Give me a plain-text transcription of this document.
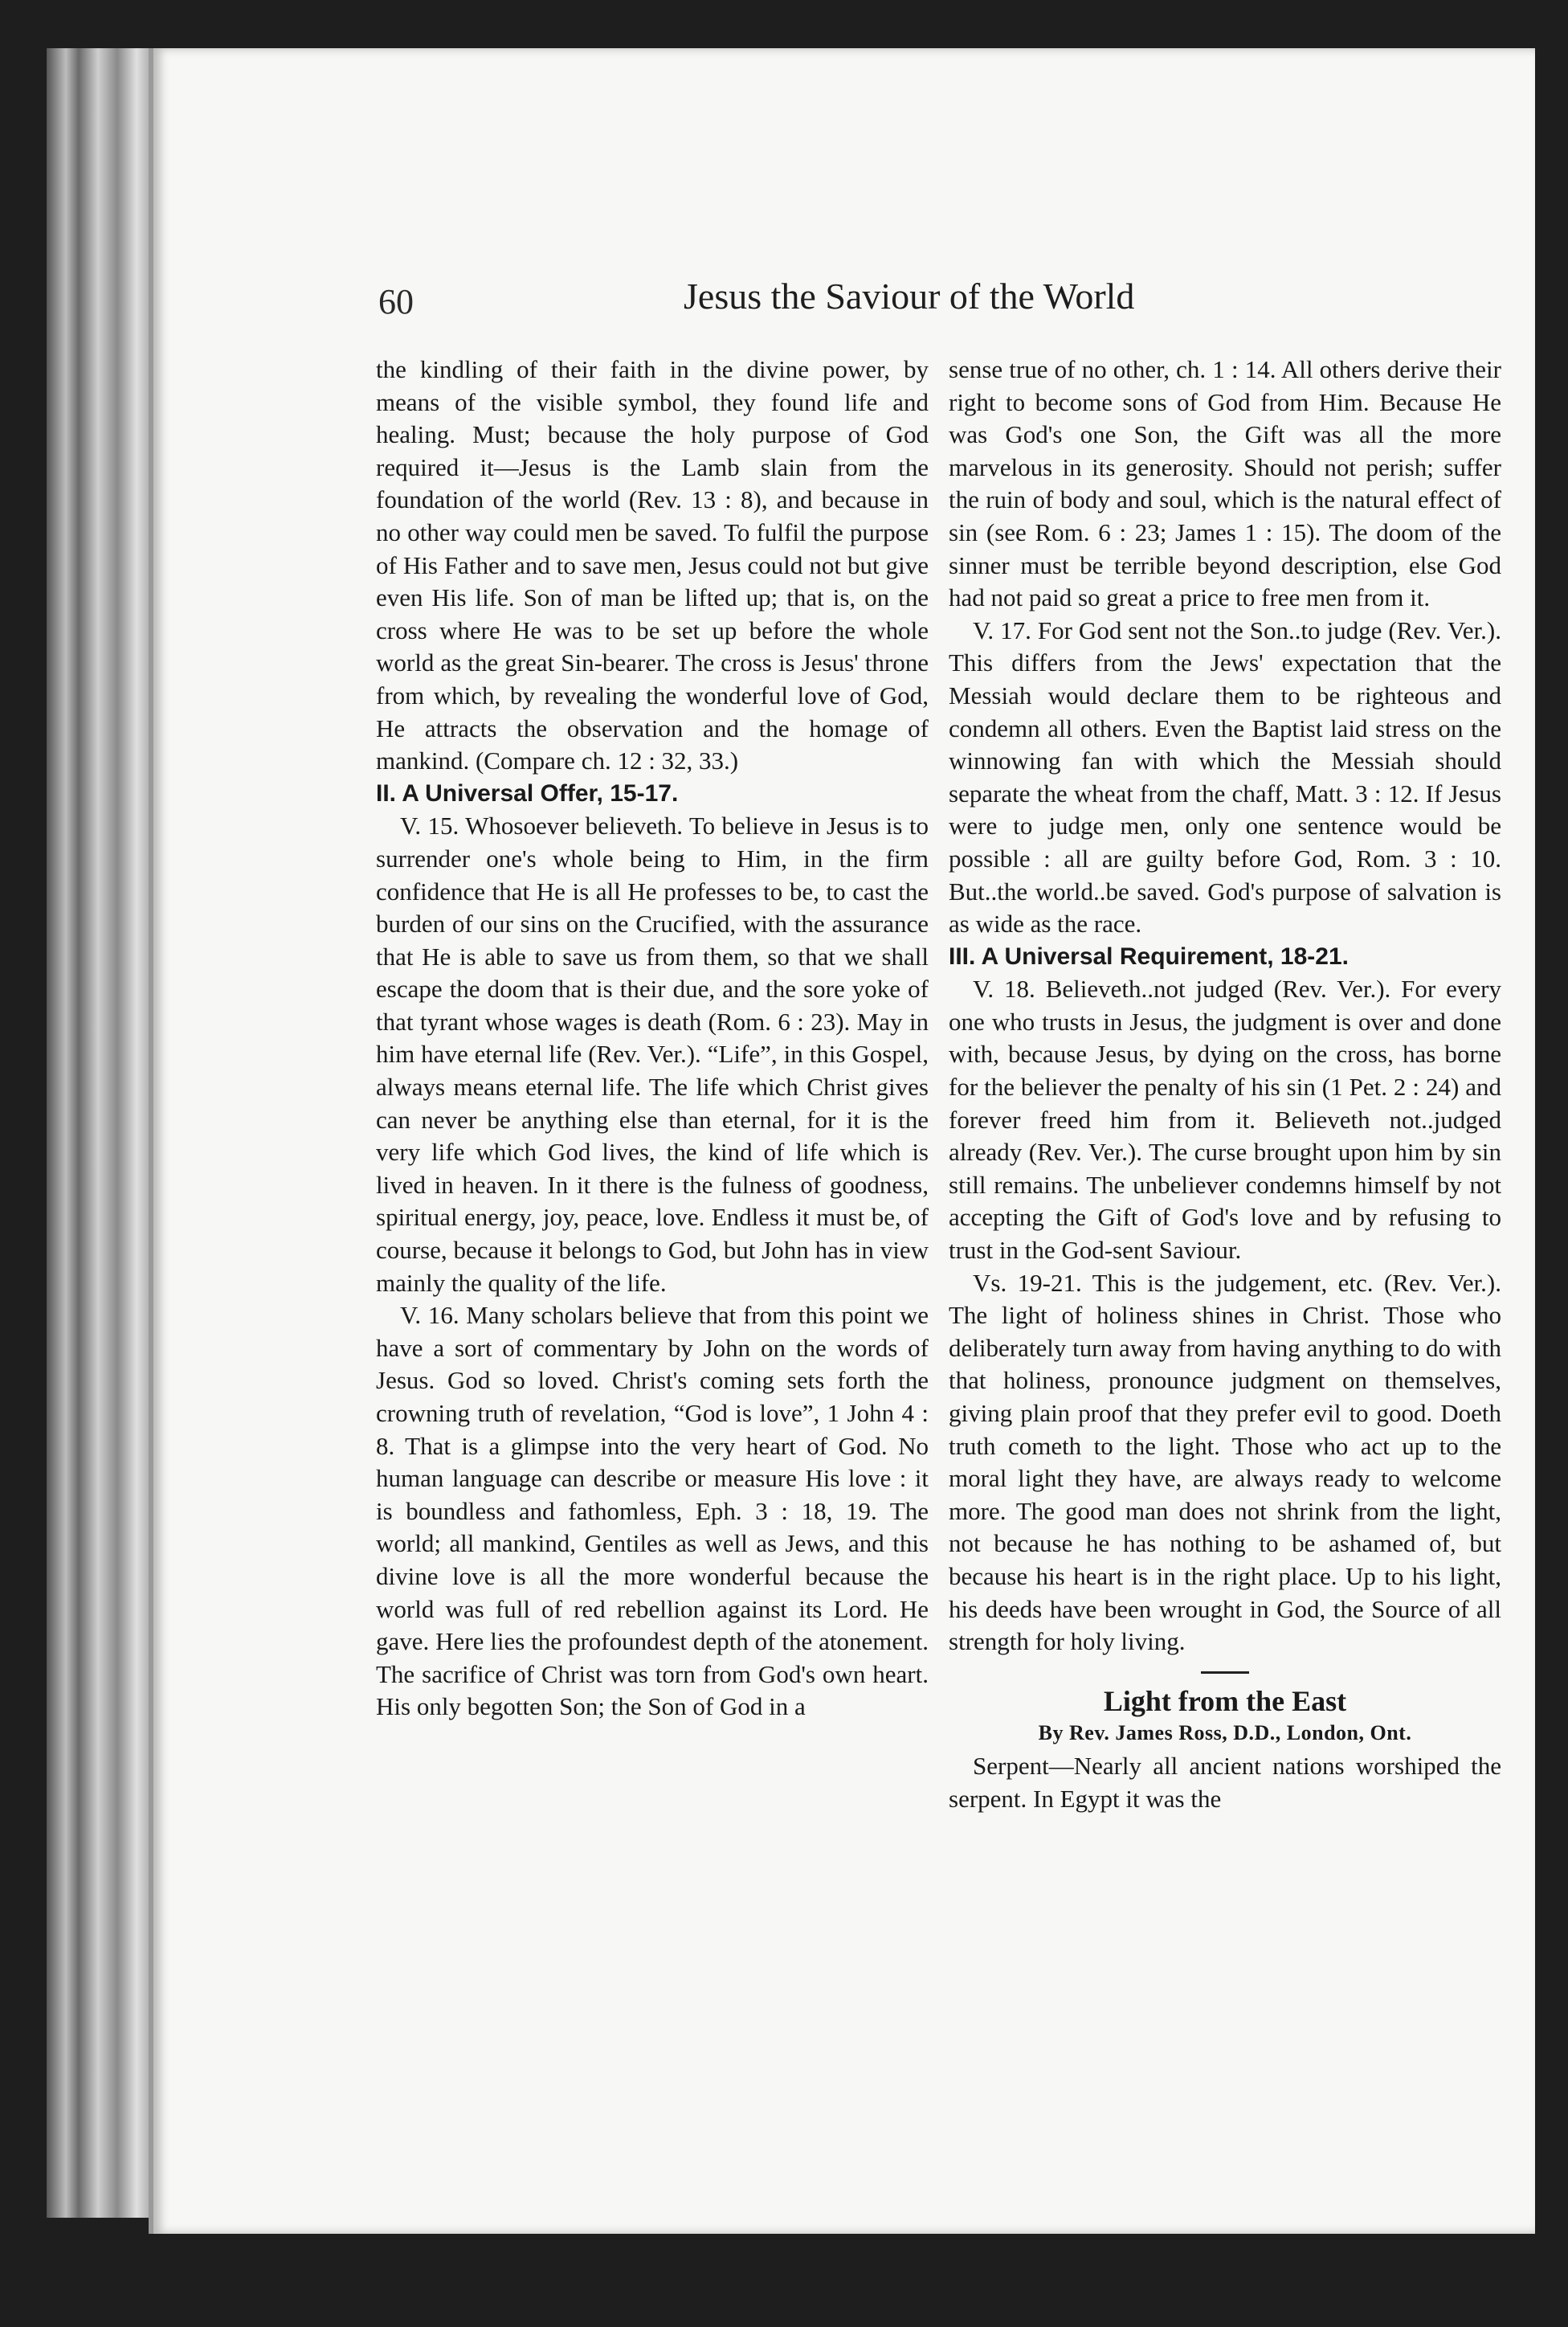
60	Jesus the Saviour of the World

the kindling of their faith in the divine power, by means of the visible symbol, they found life and healing. Must; because the holy purpose of God required it—Jesus is the Lamb slain from the foundation of the world (Rev. 13 : 8), and because in no other way could men be saved. To fulfil the purpose of His Father and to save men, Jesus could not but give even His life. Son of man be lifted up; that is, on the cross where He was to be set up before the whole world as the great Sin-bearer. The cross is Jesus' throne from which, by revealing the wonderful love of God, He attracts the observation and the homage of mankind. (Compare ch. 12 : 32, 33.)

II. A Universal Offer, 15-17.

V. 15. Whosoever believeth. To believe in Jesus is to surrender one's whole being to Him, in the firm confidence that He is all He professes to be, to cast the burden of our sins on the Crucified, with the assurance that He is able to save us from them, so that we shall escape the doom that is their due, and the sore yoke of that tyrant whose wages is death (Rom. 6 : 23). May in him have eternal life (Rev. Ver.). “Life”, in this Gospel, always means eternal life. The life which Christ gives can never be anything else than eternal, for it is the very life which God lives, the kind of life which is lived in heaven. In it there is the fulness of goodness, spiritual energy, joy, peace, love. Endless it must be, of course, because it belongs to God, but John has in view mainly the quality of the life.

V. 16. Many scholars believe that from this point we have a sort of commentary by John on the words of Jesus. God so loved. Christ's coming sets forth the crowning truth of revelation, “God is love”, 1 John 4 : 8. That is a glimpse into the very heart of God. No human language can describe or measure His love : it is boundless and fathomless, Eph. 3 : 18, 19. The world; all mankind, Gentiles as well as Jews, and this divine love is all the more wonderful because the world was full of red rebellion against its Lord. He gave. Here lies the profoundest depth of the atonement. The sacrifice of Christ was torn from God's own heart. His only begotten Son; the Son of God in a

sense true of no other, ch. 1 : 14. All others derive their right to become sons of God from Him. Because He was God's one Son, the Gift was all the more marvelous in its generosity. Should not perish; suffer the ruin of body and soul, which is the natural effect of sin (see Rom. 6 : 23; James 1 : 15). The doom of the sinner must be terrible beyond description, else God had not paid so great a price to free men from it.

V. 17. For God sent not the Son..to judge (Rev. Ver.). This differs from the Jews' expectation that the Messiah would declare them to be righteous and condemn all others. Even the Baptist laid stress on the winnowing fan with which the Messiah should separate the wheat from the chaff, Matt. 3 : 12. If Jesus were to judge men, only one sentence would be possible : all are guilty before God, Rom. 3 : 10. But..the world..be saved. God's purpose of salvation is as wide as the race.

III. A Universal Requirement, 18-21.

V. 18. Believeth..not judged (Rev. Ver.). For every one who trusts in Jesus, the judgment is over and done with, because Jesus, by dying on the cross, has borne for the believer the penalty of his sin (1 Pet. 2 : 24) and forever freed him from it. Believeth not..judged already (Rev. Ver.). The curse brought upon him by sin still remains. The unbeliever condemns himself by not accepting the Gift of God's love and by refusing to trust in the God-sent Saviour.

Vs. 19-21. This is the judgement, etc. (Rev. Ver.). The light of holiness shines in Christ. Those who deliberately turn away from having anything to do with that holiness, pronounce judgment on themselves, giving plain proof that they prefer evil to good. Doeth truth cometh to the light. Those who act up to the moral light they have, are always ready to welcome more. The good man does not shrink from the light, not because he has nothing to be ashamed of, but because his heart is in the right place. Up to his light, his deeds have been wrought in God, the Source of all strength for holy living.

Light from the East

By Rev. James Ross, D.D., London, Ont.

Serpent—Nearly all ancient nations worshiped the serpent. In Egypt it was the
